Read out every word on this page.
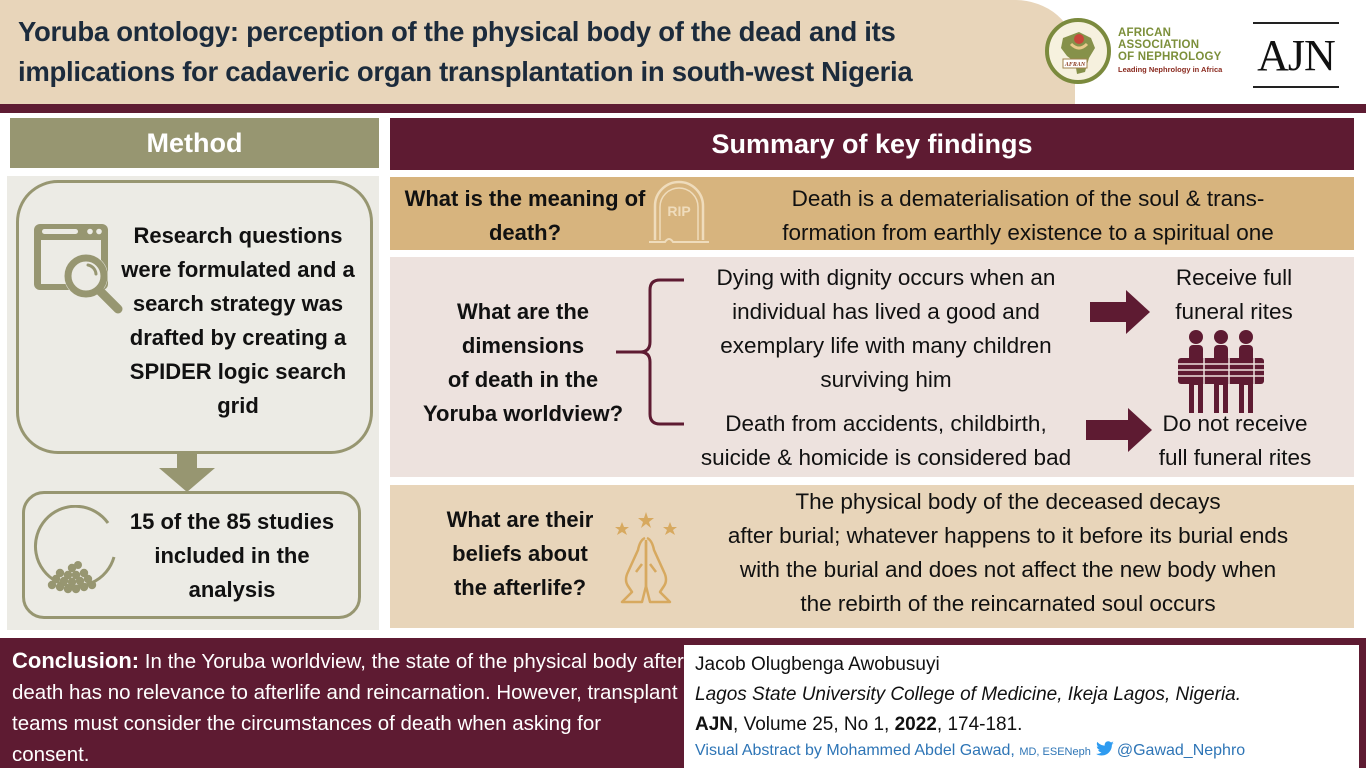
Yoruba ontology: perception of the physical body of the dead and its implications for cadaveric organ transplantation in south-west Nigeria	AFRAN
AFRICAN
ASSOCIATION
OF NEPHROLOGY
Leading Nephrology in Africa AJN
Method
Research questions were formulated and a search strategy was drafted by creating a SPIDER logic search grid
15 of the 85 studies included in the analysis
Summary of key findings
What is the meaning of death?
RIP	Death is a dematerialisation of the soul & trans-
formation from earthly existence to a spiritual one
What are the
dimensions
of death in the
Yoruba worldview?
Dying with dignity occurs when an
individual has lived a good and
exemplary life with many children
surviving him
Death from accidents, childbirth,
suicide & homicide is considered bad
Receive full
funeral rites
Do not receive
full funeral rites
What are their
beliefs about
the afterlife?
The physical body of the deceased decays
after burial; whatever happens to it before its burial ends
with the burial and does not affect the new body when
the rebirth of the reincarnated soul occurs
Conclusion: In the Yoruba worldview, the state of the physical body after death has no relevance to afterlife and reincarnation. However, transplant teams must consider the circumstances of death when asking for consent.
Jacob Olugbenga Awobusuyi
Lagos State University College of Medicine, Ikeja Lagos, Nigeria.
AJN, Volume 25, No 1, 2022, 174-181.
Visual Abstract by Mohammed Abdel Gawad, MD, ESENeph @Gawad_Nephro
